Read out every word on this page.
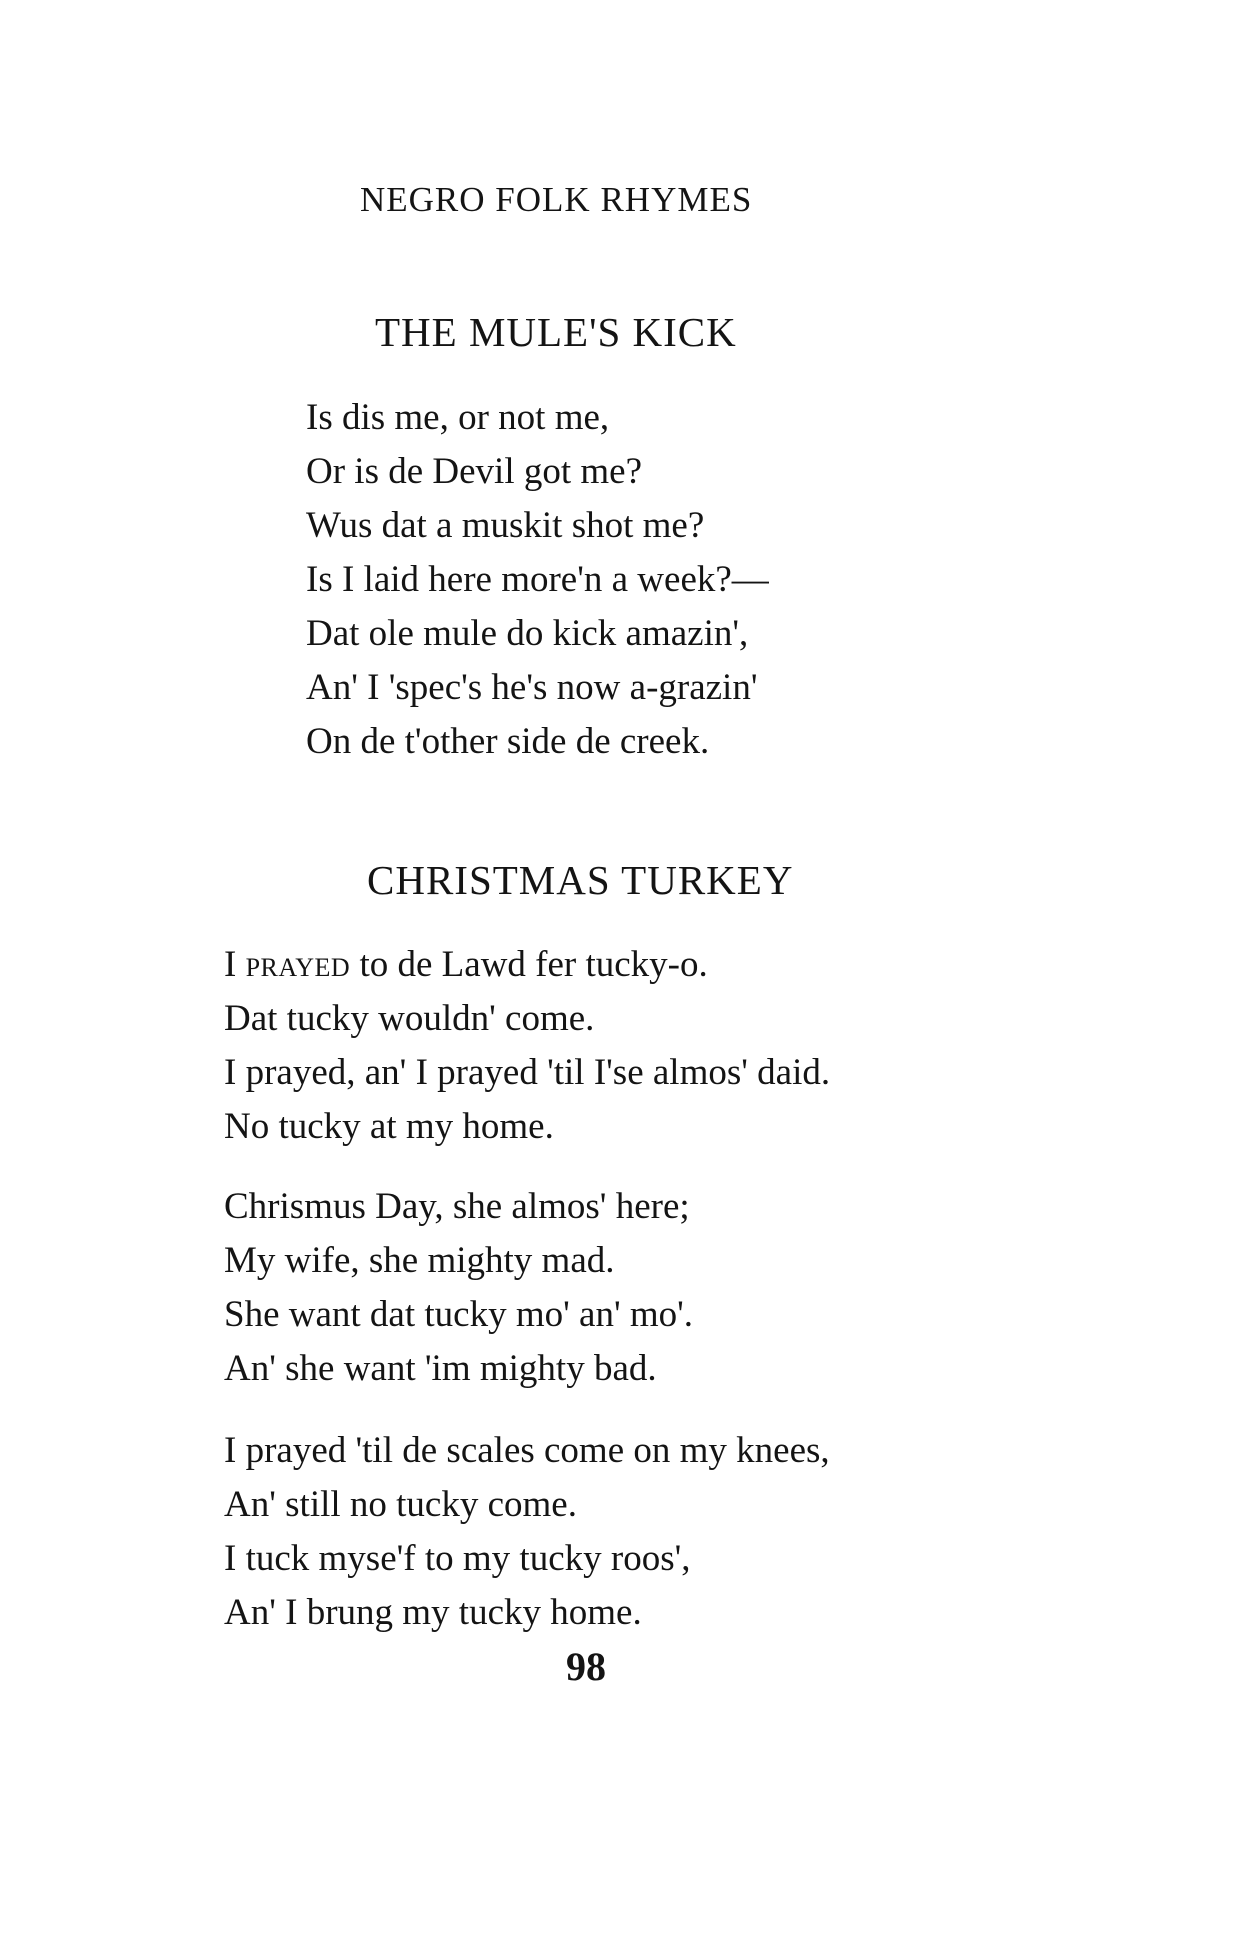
NEGRO FOLK RHYMES
THE MULE'S KICK
Is dis me, or not me,
Or is de Devil got me?
Wus dat a muskit shot me?
Is I laid here more'n a week?—
Dat ole mule do kick amazin',
An' I 'spec's he's now a-grazin'
On de t'other side de creek.
CHRISTMAS TURKEY
I prayed to de Lawd fer tucky-o.
Dat tucky wouldn' come.
I prayed, an' I prayed 'til I'se almos' daid.
No tucky at my home.
Chrismus Day, she almos' here;
My wife, she mighty mad.
She want dat tucky mo' an' mo'.
An' she want 'im mighty bad.
I prayed 'til de scales come on my knees,
An' still no tucky come.
I tuck myse'f to my tucky roos',
An' I brung my tucky home.
98
